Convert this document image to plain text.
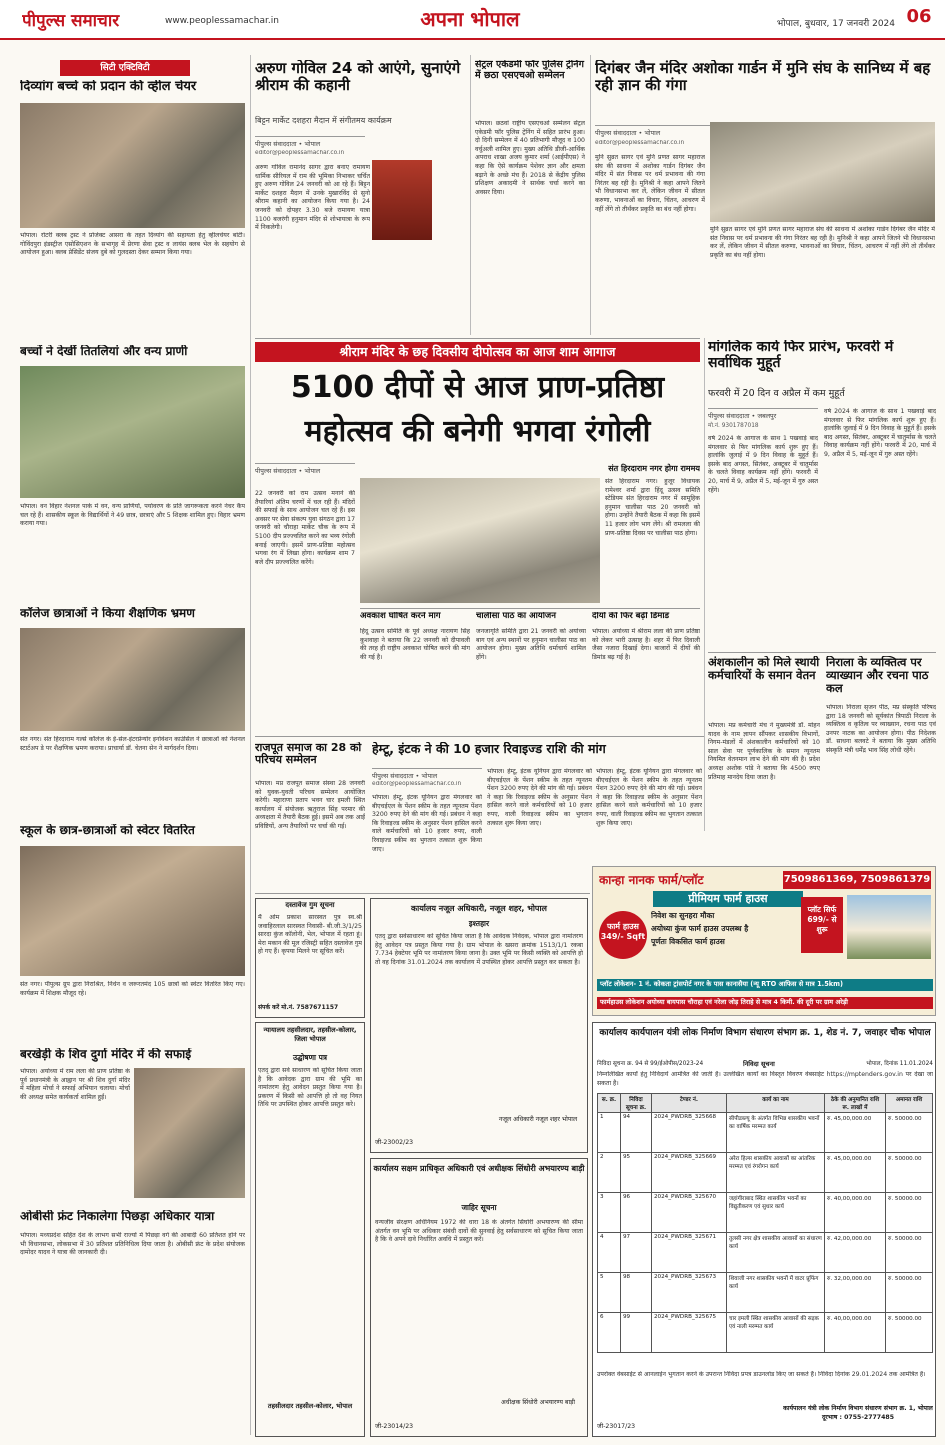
पीपुल्स समाचार	www.peoplessamachar.in	अपना भोपाल	भोपाल, बुधवार, 17 जनवरी 2024 06
सिटी एक्टिविटी
दिव्यांग बच्चे को प्रदान की व्हील चेयर
भोपाल। रोटरी क्लब ट्रस्ट ने प्रोजेक्ट आसरा के तहत दिव्यांग की सहायता हेतु व्हीलचेयर बांटी। गोविंदपुरा इंडस्ट्रीज एसोसिएशन के सभागृह में प्रेरणा सेवा ट्रस्ट व लायंस क्लब भेल के सहयोग से आयोजन हुआ। क्लब प्रेसिडेंट संजय दुबे को गुलदस्ता देकर सम्मान किया गया।
बच्चों ने देखीं तितलियां और वन्य प्राणी
भोपाल। वन विहार नेशनल पार्क में वन, वन्य प्राणियों, पर्यावरण के प्रति जागरूकता करने नेचर कैंप चल रहे हैं। शासकीय स्कूल के विद्यार्थियों ने 49 छात्र, छात्राएं और 5 शिक्षक शामिल हुए। विहार भ्रमण कराया गया।
कॉलेज छात्राओं ने किया शैक्षणिक भ्रमण
संत नगर। संत हिरदाराम गर्ल्स कॉलेज के ई-सेल-इंटरप्रेन्योर इनोवेशन काउंसिल ने छात्राओं को नेशनल स्टार्टअप डे पर शैक्षणिक भ्रमण कराया। प्राचार्या डॉ. चेतना सेन ने मार्गदर्शन दिया।
स्कूल के छात्र-छात्राओं को स्वेटर वितरित
संत नगर। पीपुल्स ग्रुप द्वारा निराश्रित, निर्धन व जरूरतमंद 105 छात्रों को स्वेटर वितरित किए गए। कार्यक्रम में शिक्षक मौजूद रहे।
बरखेड़ी के शिव दुर्गा मंदिर में की सफाई
भोपाल। अयोध्या में राम लला की प्राण प्रतिष्ठा के पूर्व प्रधानमंत्री के आह्वान पर श्री शिव दुर्गा मंदिर में महिला मोर्चा ने सफाई अभियान चलाया। मोर्चा की अध्यक्ष समेत कार्यकर्ता शामिल हुईं।
ओबीसी फ्रंट निकालेगा पिछड़ा अधिकार यात्रा
भोपाल। मध्यप्रदेश सहित देश के लाभग सभी राज्यों में पिछड़ा वर्ग की आबादी 60 प्रतिशत होने पर भी विधानसभा, लोकसभा में 30 प्रतिशत प्रतिनिधित्व दिया जाता है। ओबीसी फ्रंट के प्रदेश संयोजक दामोदर यादव ने यात्रा की जानकारी दी।
अरुण गोविल 24 को आएंगे, सुनाएंगे श्रीराम की कहानी
बिट्टन मार्केट दशहरा मैदान में संगीतमय कार्यक्रम
पीपुल्स संवाददाता • भोपाल
editor@peoplessamachar.co.in
अरुण गोविल रामानंद सागर द्वारा बनाए रामायण धार्मिक सीरियल में राम की भूमिका निभाकर चर्चित हुए अरुण गोविल 24 जनवरी को आ रहे हैं। बिट्टन मार्केट दशहरा मैदान में उनके मुखारविंद से सुनो श्रीराम कहानी का आयोजन किया गया है। 24 जनवरी को दोपहर 3.30 बजे रामायण यात्रा 1100 बजरंगी हनुमान मंदिर से शोभायात्रा के रूप में निकलेगी।
सेंट्रल एकेडमी फॉर पुलिस ट्रेनिंग में छठा एसएचओ सम्मेलन
भोपाल। छठवां राष्ट्रीय एसएचओ सम्मेलन सेंट्रल एकेडमी फॉर पुलिस ट्रेनिंग में सहित प्रारंभ हुआ। दो दिनी सम्मेलन में 40 प्रतिभागी मौजूद व 100 वर्चुअली शामिल हुए। मुख्य अतिथि डीजी-आर्थिक अपराध शाखा अजय कुमार शर्मा (आईपीएस) ने कहा कि ऐसे कार्यक्रम पेशेवर ज्ञान और क्षमता बढ़ाने के अच्छे मंच हैं। 2018 से केंद्रीय पुलिस प्रशिक्षण अकादमी ने सार्थक चर्चा करने का अवसर दिया।
दिगंबर जैन मंदिर अशोका गार्डन में मुनि संघ के सानिध्य में बह रही ज्ञान की गंगा
पीपुल्स संवाददाता • भोपाल
editor@peoplessamachar.co.in
मुनि सुव्रत सागर एवं मुनि प्रणत सागर महाराज संघ की साधना में अशोका गार्डन दिगंबर जैन मंदिर में संत निवास पर धर्म प्रभावना की गंगा निरंतर बह रही है। मुनिश्री ने कहा आपने जितने भी विधानसभा कर लें, लेकिन जीवन में सीतल करुणा, भावनाओं का विचार, चिंतन, आचरण में नहीं लेंगे तो तीर्थंकर प्रकृति का बंध नहीं होगा।
मुनि सुव्रत सागर एवं मुनि प्रणत सागर महाराज संघ की साधना में अशोका गार्डन दिगंबर जैन मंदिर में संत निवास पर धर्म प्रभावना की गंगा निरंतर बह रही है। मुनिश्री ने कहा आपने जितने भी विधानसभा कर लें, लेकिन जीवन में सीतल करुणा, भावनाओं का विचार, चिंतन, आचरण में नहीं लेंगे तो तीर्थंकर प्रकृति का बंध नहीं होगा।
श्रीराम मंदिर के छह दिवसीय दीपोत्सव का आज शाम आगाज
5100 दीपों से आज प्राण-प्रतिष्ठा महोत्सव की बनेगी भगवा रंगोली
पीपुल्स संवाददाता • भोपाल
22 जनवरी को राम उत्सव मनाने की तैयारियां अंतिम चरणों में चल रही हैं। मंदिरों की सफाई के साथ आयोजन चल रहे हैं। इस अवसर पर सेवा संकल्प युवा संगठन द्वारा 17 जनवरी को चौराहा मार्केट चौक के रूप में 5100 दीप प्रज्ज्वलित करने का भव्य रंगोली बनाई जाएगी। इसमें प्राण-प्रतिष्ठा महोत्सव भगवा रंग में लिखा होगा। कार्यक्रम शाम 7 बजे दीप प्रज्ज्वलित करेंगे।
संत हिरदाराम नगर होगा राममय
संत हिरदाराम नगर। हुजूर विधायक रामेश्वर शर्मा द्वारा हिंदू उत्सव समिति स्टेडियम संत हिरदाराम नगर में सामूहिक हनुमान चालीसा पाठ 20 जनवरी को होगा। उन्होंने तैयारी बैठक में कहा कि इसमें 11 हजार लोग भाग लेंगे। श्री रामलला की प्राण-प्रतिष्ठा दिवस पर चालीसा पाठ होगा।
अवकाश घोषित करने मांग
हिंदू उत्सव समिति के पूर्व अध्यक्ष नारायण सिंह कुशवाहा ने बताया कि 22 जनवरी को दीपावली की तरह ही राष्ट्रीय अवकाश घोषित करने की मांग की गई है।
चालीसा पाठ का आयोजन
जनजागृति समिति द्वारा 21 जनवरी को अयोध्या बाग एवं अन्य स्थानों पर हनुमान चालीसा पाठ का आयोजन होगा। मुख्य अतिथि धर्माचार्य शामिल होंगे।
दीयों की फिर बढ़ी डिमांड
भोपाल। अयोध्या में श्रीराम लला की प्राण प्रतिष्ठा को लेकर भारी उत्साह है। शहर में फिर दिवाली जैसा नजारा दिखाई देगा। बाजारों में दीयों की डिमांड बढ़ गई है।
मांगलिक कार्य फिर प्रारंभ, फरवरी में सर्वाधिक मुहूर्त
फरवरी में 20 दिन व अप्रैल में कम मुहूर्त
पीपुल्स संवाददाता • जबलपुर
मो.नं. 9301787018
वर्ष 2024 के आगाज के साथ 1 पखवाड़े बाद मंगलवार से फिर मांगलिक कार्य शुरू हुए हैं। हालांकि जुलाई में 9 दिन विवाह के मुहूर्त हैं। इसके बाद अगस्त, सितंबर, अक्टूबर में चातुर्मास के चलते विवाह कार्यक्रम नहीं होंगे। फरवरी में 20, मार्च में 9, अप्रैल में 5, मई-जून में गुरु अस्त रहेंगे।
वर्ष 2024 के आगाज के साथ 1 पखवाड़े बाद मंगलवार से फिर मांगलिक कार्य शुरू हुए हैं। हालांकि जुलाई में 9 दिन विवाह के मुहूर्त हैं। इसके बाद अगस्त, सितंबर, अक्टूबर में चातुर्मास के चलते विवाह कार्यक्रम नहीं होंगे। फरवरी में 20, मार्च में 9, अप्रैल में 5, मई-जून में गुरु अस्त रहेंगे।
अंशकालीन को मिले स्थायी कर्मचारियों के समान वेतन
भोपाल। मप्र कर्मचारी मंच ने मुख्यमंत्री डॉ. मोहन यादव के नाम ज्ञापन सौंपकर शासकीय विभागों, निगम-मंडलों में अंशकालीन कर्मचारियों को 10 साल सेवा पर पूर्णकालिक के समान न्यूनतम नियमित वेतनमान लाभ देने की मांग की है। प्रदेश अध्यक्ष अशोक पांडे ने बताया कि 4500 रुपए प्रतिमाह मानदेय दिया जाता है।
निराला के व्यक्तित्व पर व्याख्यान और रचना पाठ कल
भोपाल। निराला सृजन पीठ, मप्र संस्कृति परिषद द्वारा 18 जनवरी को सूर्यकांत त्रिपाठी निराला के व्यक्तित्व व कृतित्व पर व्याख्यान, रचना पाठ एवं उनपर नाटक का आयोजन होगा। पीठ निदेशक डॉ. साधना बलवटे ने बताया कि मुख्य अतिथि संस्कृति मंत्री धर्मेंद्र भाव सिंह लोधी रहेंगे।
राजपूत समाज का 28 को परिचय सम्मेलन
भोपाल। मप्र राजपूत समाज संस्था 28 जनवरी को युवक-युवती परिचय सम्मेलन आयोजित करेगी। महाराणा प्रताप भवन चार इमली स्थित कार्यालय में संयोजक ऋतुराज सिंह परमार की अध्यक्षता में तैयारी बैठक हुई। इसमें अब तक आईं प्रविष्टियों, अन्य तैयारियों पर चर्चा की गई।
हेम्टू, इंटक ने की 10 हजार रिवाइज्ड राशि की मांग
पीपुल्स संवाददाता • भोपाल
editor@peoplessamachar.co.in
भोपाल। हेम्टू, इंटक यूनियन द्वारा मंगलवार को बीएचईएल के पेंशन स्कीम के तहत न्यूनतम पेंशन 3200 रुपए देने की मांग की गई। प्रबंधन ने कहा कि रिवाइज्ड स्कीम के अनुसार पेंशन हासिल करने वाले कर्मचारियों को 10 हजार रुपए, वाली रिवाइज्ड स्कीम का भुगतान तत्काल शुरू किया जाए।
भोपाल। हेम्टू, इंटक यूनियन द्वारा मंगलवार को बीएचईएल के पेंशन स्कीम के तहत न्यूनतम पेंशन 3200 रुपए देने की मांग की गई। प्रबंधन ने कहा कि रिवाइज्ड स्कीम के अनुसार पेंशन हासिल करने वाले कर्मचारियों को 10 हजार रुपए, वाली रिवाइज्ड स्कीम का भुगतान तत्काल शुरू किया जाए।
भोपाल। हेम्टू, इंटक यूनियन द्वारा मंगलवार को बीएचईएल के पेंशन स्कीम के तहत न्यूनतम पेंशन 3200 रुपए देने की मांग की गई। प्रबंधन ने कहा कि रिवाइज्ड स्कीम के अनुसार पेंशन हासिल करने वाले कर्मचारियों को 10 हजार रुपए, वाली रिवाइज्ड स्कीम का भुगतान तत्काल शुरू किया जाए।
कान्हा नानक फार्म/प्लॉट	7509861369, 7509861379
प्रीमियम फार्म हाउस
फार्म हाउस 349/- Sqft
निवेश का सुनहरा मौका
अयोध्या कुंज फार्म हाउस उपलब्ध है
पूर्णतः विकसित फार्म हाउस
प्लॉट सिर्फ 699/- से शुरू
प्लॉट लोकेशन- 1 नं. कोकता ट्रांसपोर्ट नगर के पास कानासैया (न्यू RTO आफिस से मात्र 1.5km)
फार्महाउस लोकेशन अयोध्या बायपास चौराहा एवं नरेला जोड़ तिराहे से मात्र 4 किमी. की दूरी पर ग्राम अरेड़ी
दस्तावेज गुम सूचना
मैं ओम प्रकाश सारस्वत पुत्र स्व.श्री जवाहिरलाल सारस्वत निवासी- बी.जी.3/1/25 सारदा कुंज कॉलोनी, भेल, भोपाल में रहता हूं। मेरा मकान की मूल रजिस्ट्री सहित दस्तावेज गुम हो गए हैं। कृपया मिलने पर सूचित करें।
संपर्क करें मो.नं. 7587671157
न्यायालय तहसीलदार, तहसील-कोलार, जिला भोपाल
उद्घोषणा पत्र
एतद् द्वारा सर्व साधारण को सूचित किया जाता है कि आवेदक द्वारा ग्राम की भूमि का नामांतरण हेतु आवेदन प्रस्तुत किया गया है। प्रकरण में किसी को आपत्ति हो तो वह नियत तिथि पर उपस्थित होकर आपत्ति प्रस्तुत करे।
तहसीलदार तहसील-कोलार, भोपाल
कार्यालय नजूल अधिकारी, नजूल शहर, भोपाल
इश्तहार
एतद् द्वारा सर्वसाधारण को सूचित किया जाता है कि आवेदक निवेदक, भोपाल द्वारा नामांतरण हेतु आवेदन पत्र प्रस्तुत किया गया है। ग्राम भोपाल के खसरा क्रमांक 1513/1/1 रकबा 7.734 हेक्टेयर भूमि पर नामांतरण किया जाना है। उक्त भूमि पर किसी व्यक्ति को आपत्ति हो तो वह दिनांक 31.01.2024 तक कार्यालय में उपस्थित होकर आपत्ति प्रस्तुत कर सकता है।
नजूल अधिकारी नजूल शहर भोपाल
जी-23002/23
कार्यालय सक्षम प्राधिकृत अधिकारी एवं अधीक्षक सिंधोरी अभयारण्य बाड़ी
जाहिर सूचना
वन्यजीव संरक्षण अधिनियम 1972 की धारा 18 के अंतर्गत सिंघोरी अभयारण्य की सीमा अंतर्गत वन भूमि पर अधिकार संबंधी दावों की सुनवाई हेतु सर्वसाधारण को सूचित किया जाता है कि वे अपने दावे निर्धारित अवधि में प्रस्तुत करें।
अधीक्षक सिंधोरी अभयारण्य बाड़ी
जी-23014/23
कार्यालय कार्यपालन यंत्री लोक निर्माण विभाग संधारण संभाग क्र. 1, शेड नं. 7, जवाहर चौक भोपाल
निविदा सूचना क्र. 94 से 99/ईओपीस/2023-24	निविदा सूचना	भोपाल, दिनांक 11.01.2024
निम्नलिखित कार्यों हेतु निविदायें आमंत्रित की जाती है। उल्लेखित कार्यों का विस्तृत विवरण वेबसाईट https://mptenders.gov.in पर देखा जा सकता है।
स. क्र.	निविदा सूचना क्र.	टेण्डर नं.	कार्य का नाम	ठेके की अनुमानित राशि रू. लाखों में	अमानत राशि
1	94	2024_PWDRB_325668	सीपीडब्ल्यू के अंतर्गत विभिन्न शासकीय भवनों का वार्षिक मरम्मत कार्य	रु. 45,00,000.00	रु. 50000.00
2	95	2024_PWDRB_325669	अरेरा हिल्स शासकीय आवासों का आंतरिक मरम्मत एवं रंगरोगन कार्य	रु. 45,00,000.00	रु. 50000.00
3	96	2024_PWDRB_325670	जहांगीराबाद स्थित शासकीय भवनों का विद्युतीकरण एवं सुधार कार्य	रु. 40,00,000.00	रु. 50000.00
4	97	2024_PWDRB_325671	तुलसी नगर क्षेत्र शासकीय आवासों का संधारण कार्य	रु. 42,00,000.00	रु. 50000.00
5	98	2024_PWDRB_325673	शिवाजी नगर शासकीय भवनों में वाटर प्रूफिंग कार्य	रु. 32,00,000.00	रु. 50000.00
6	99	2024_PWDRB_325675	चार इमली स्थित शासकीय आवासों की सड़क एवं नाली मरम्मत कार्य	रु. 40,00,000.00	रु. 50000.00
उपरोक्त वेबसाईट से आनलाईन भुगतान करने के उपरान्त निविदा प्रपत्र डाउनलोड किए जा सकते हैं। निविदा दिनांक 29.01.2024 तक आमंत्रित है।
कार्यपालन यंत्री लोक निर्माण विभाग संधारण संभाग क्र. 1, भोपाल दूरभाष : 0755-2777485
जी-23017/23
